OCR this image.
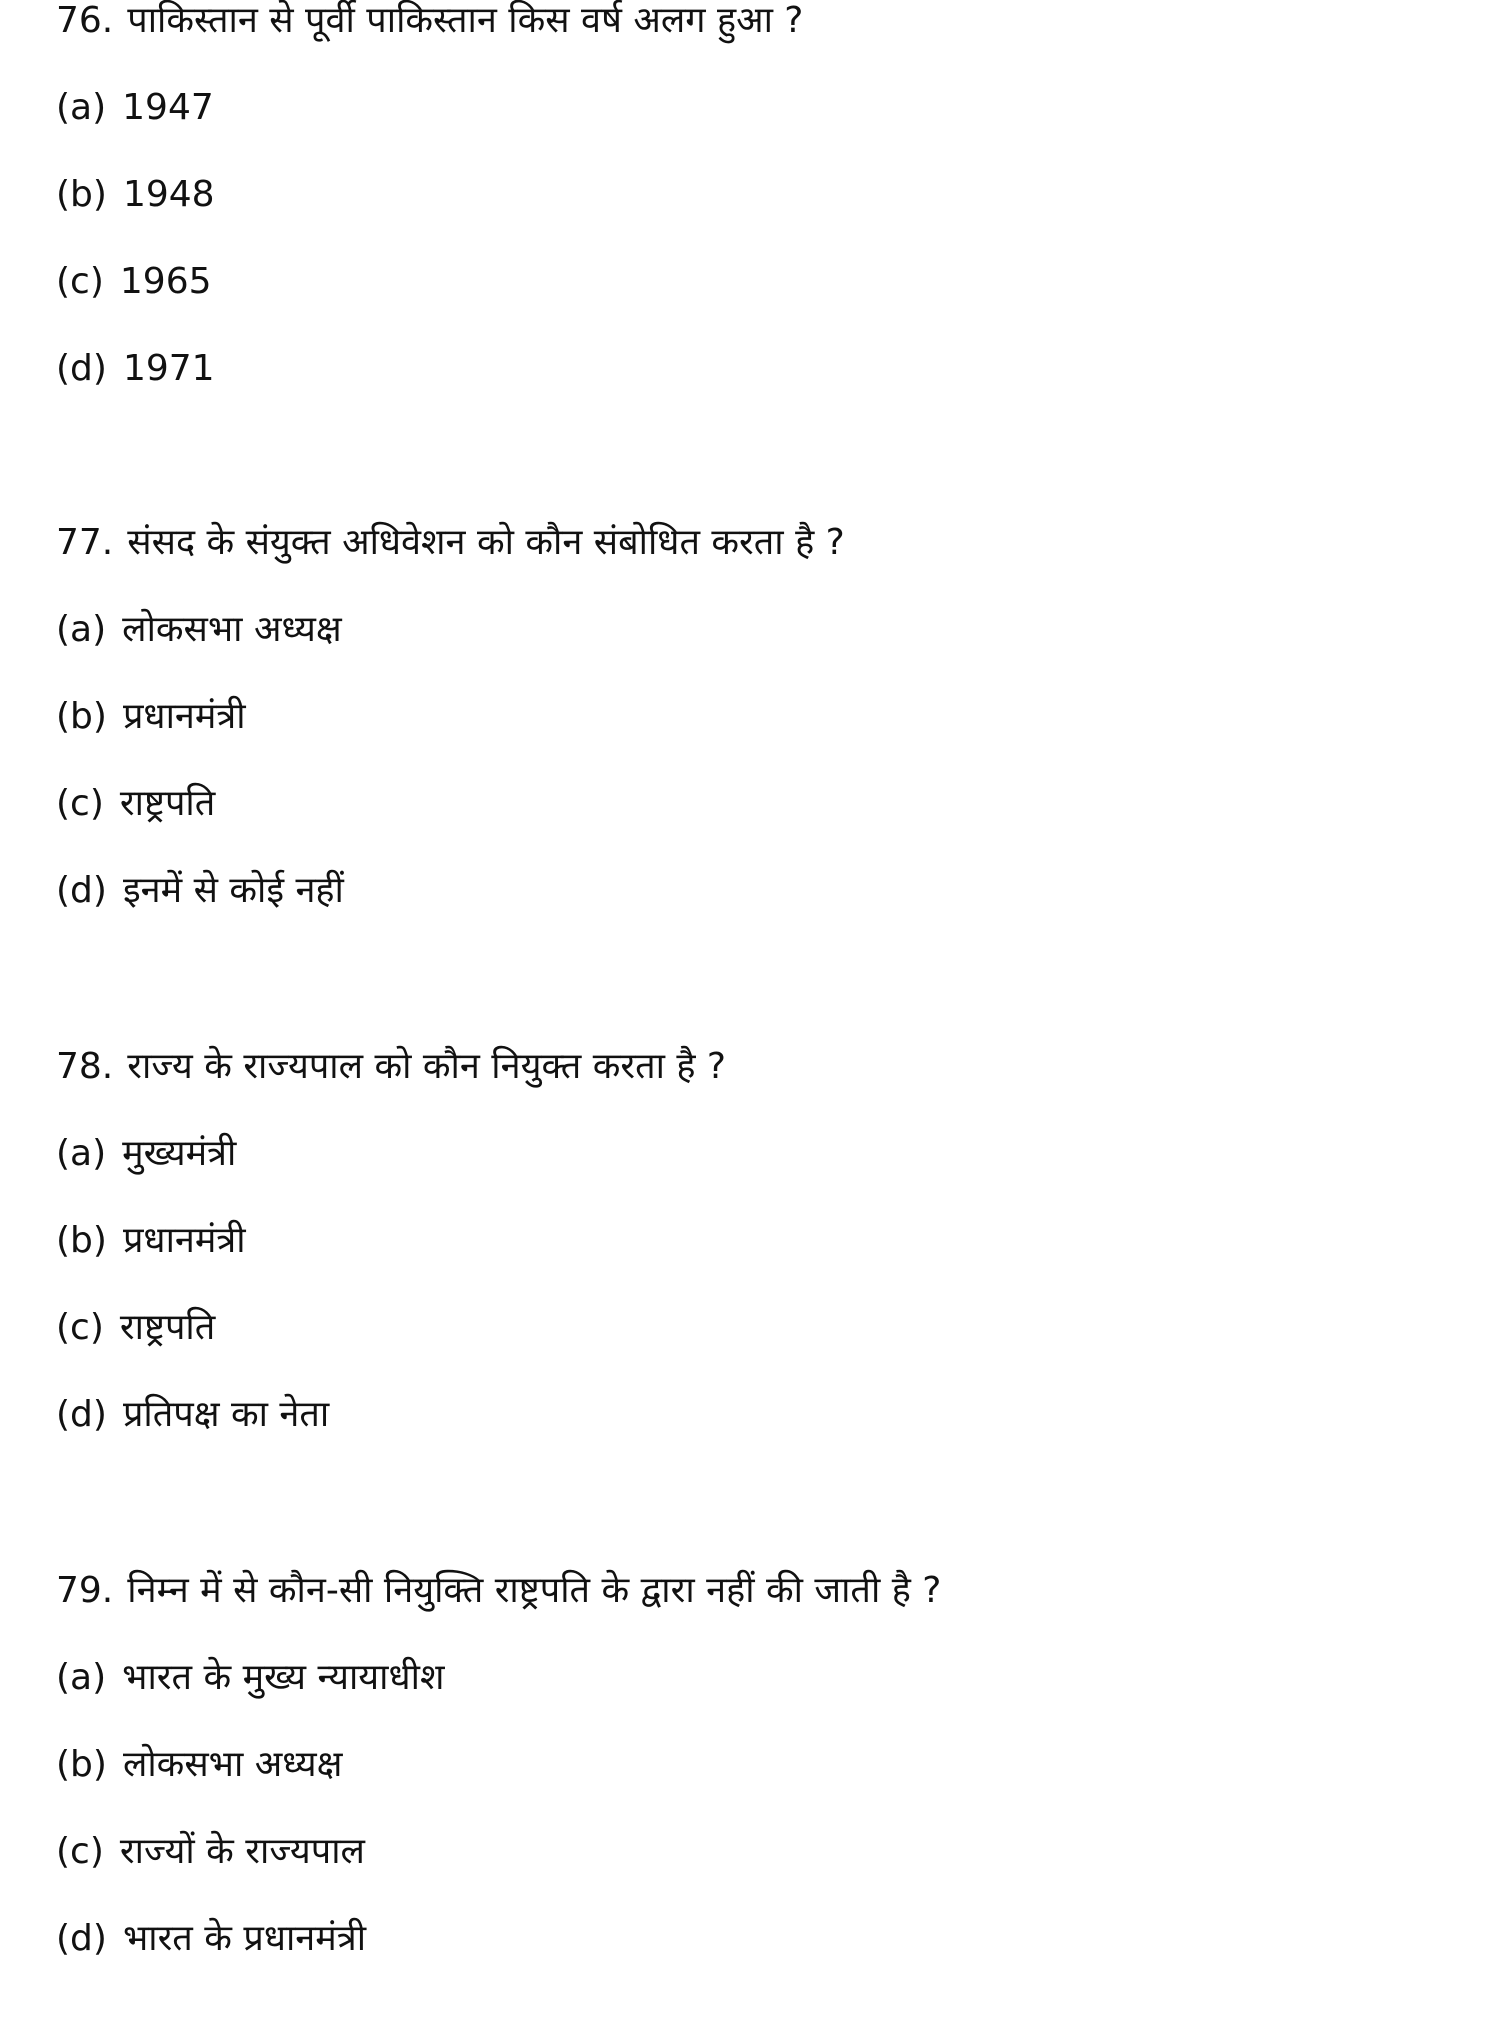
76. पाकिस्तान से पूर्वी पाकिस्तान किस वर्ष अलग हुआ ?
(a) 1947
(b) 1948
(c) 1965
(d) 1971
77. संसद के संयुक्त अधिवेशन को कौन संबोधित करता है ?
(a) लोकसभा अध्यक्ष
(b) प्रधानमंत्री
(c) राष्ट्रपति
(d) इनमें से कोई नहीं
78. राज्य के राज्यपाल को कौन नियुक्त करता है ?
(a) मुख्यमंत्री
(b) प्रधानमंत्री
(c) राष्ट्रपति
(d) प्रतिपक्ष का नेता
79. निम्न में से कौन-सी नियुक्ति राष्ट्रपति के द्वारा नहीं की जाती है ?
(a) भारत के मुख्य न्यायाधीश
(b) लोकसभा अध्यक्ष
(c) राज्यों के राज्यपाल
(d) भारत के प्रधानमंत्री
